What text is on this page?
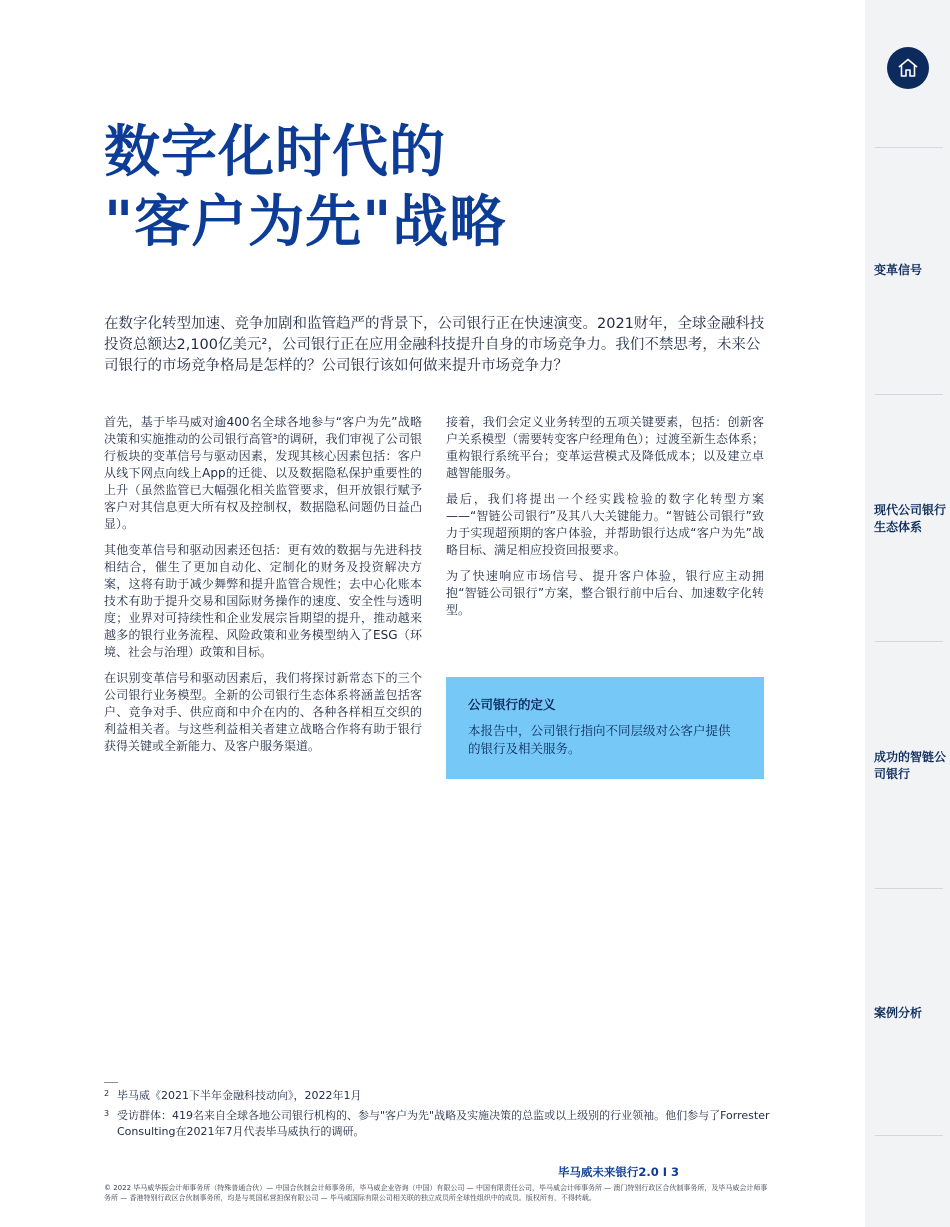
数字化时代的
"客户为先"战略

在数字化转型加速、竞争加剧和监管趋严的背景下，公司银行正在快速演变。2021财年，全球金融科技投资总额达2,100亿美元²，公司银行正在应用金融科技提升自身的市场竞争力。我们不禁思考，未来公司银行的市场竞争格局是怎样的？公司银行该如何做来提升市场竞争力？

首先，基于毕马威对逾400名全球各地参与“客户为先”战略决策和实施推动的公司银行高管³的调研，我们审视了公司银行板块的变革信号与驱动因素，发现其核心因素包括：客户从线下网点向线上App的迁徙、以及数据隐私保护重要性的上升（虽然监管已大幅强化相关监管要求，但开放银行赋予客户对其信息更大所有权及控制权，数据隐私问题仍日益凸显）。

其他变革信号和驱动因素还包括：更有效的数据与先进科技相结合，催生了更加自动化、定制化的财务及投资解决方案，这将有助于减少舞弊和提升监管合规性；去中心化账本技术有助于提升交易和国际财务操作的速度、安全性与透明度；业界对可持续性和企业发展宗旨期望的提升，推动越来越多的银行业务流程、风险政策和业务模型纳入了ESG（环境、社会与治理）政策和目标。

在识别变革信号和驱动因素后，我们将探讨新常态下的三个公司银行业务模型。全新的公司银行生态体系将涵盖包括客户、竞争对手、供应商和中介在内的、各种各样相互交织的利益相关者。与这些利益相关者建立战略合作将有助于银行获得关键或全新能力、及客户服务渠道。

接着，我们会定义业务转型的五项关键要素，包括：创新客户关系模型（需要转变客户经理角色）；过渡至新生态体系；重构银行系统平台；变革运营模式及降低成本；以及建立卓越智能服务。

最后，我们将提出一个经实践检验的数字化转型方案——“智链公司银行”及其八大关键能力。“智链公司银行”致力于实现超预期的客户体验，并帮助银行达成“客户为先”战略目标、满足相应投资回报要求。

为了快速响应市场信号、提升客户体验，银行应主动拥抱“智链公司银行”方案，整合银行前中后台、加速数字化转型。

公司银行的定义
本报告中，公司银行指向不同层级对公客户提供的银行及相关服务。
2 毕马威《2021下半年金融科技动向》，2022年1月
3 受访群体：419名来自全球各地公司银行机构的、参与"客户为先"战略及实施决策的总监或以上级别的行业领袖。他们参与了Forrester Consulting在2021年7月代表毕马威执行的调研。
毕马威未来银行2.0 I 3
© 2022 毕马威华振会计师事务所（特殊普通合伙）— 中国合伙制会计师事务所，毕马威企业咨询（中国）有限公司 — 中国有限责任公司，毕马威会计师事务所 — 澳门特别行政区合伙制事务所，及毕马威会计师事务所 — 香港特别行政区合伙制事务所，均是与英国私营担保有限公司 — 毕马威国际有限公司相关联的独立成员所全球性组织中的成员。版权所有，不得转载。
变革信号
现代公司银行生态体系
成功的智链公司银行
案例分析
